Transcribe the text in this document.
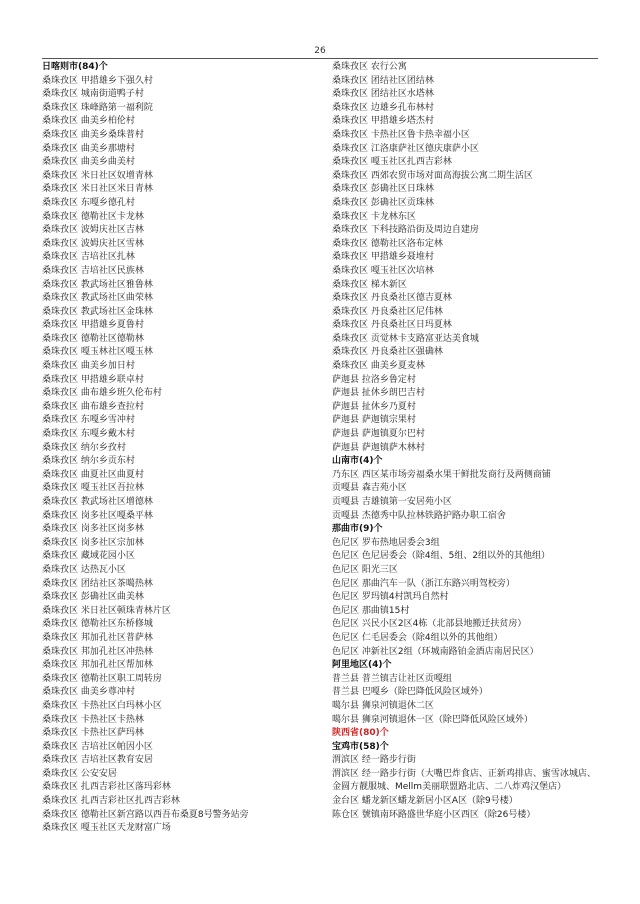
26
日喀则市(84)个
桑珠孜区 甲措雄乡下强久村
桑珠孜区 城南街道鸭子村
桑珠孜区 珠峰路第一福利院
桑珠孜区 曲美乡柏伦村
桑珠孜区 曲美乡桑珠普村
桑珠孜区 曲美乡那塘村
桑珠孜区 曲美乡曲美村
桑珠孜区 米日社区奴增青林
桑珠孜区 米日社区米日青林
桑珠孜区 东嘎乡德孔村
桑珠孜区 德勒社区卡龙林
桑珠孜区 波姆庆社区吉林
桑珠孜区 波姆庆社区雪林
桑珠孜区 吉培社区扎林
桑珠孜区 吉培社区民族林
桑珠孜区 教武场社区雅鲁林
桑珠孜区 教武场社区曲荣林
桑珠孜区 教武场社区金珠林
桑珠孜区 甲措雄乡夏鲁村
桑珠孜区 德勒社区德勒林
桑珠孜区 嘎玉林社区嘎玉林
桑珠孜区 曲美乡加日村
桑珠孜区 甲措雄乡联卓村
桑珠孜区 曲布雄乡班久伦布村
桑珠孜区 曲布雄乡查拉村
桑珠孜区 东嘎乡雪冲村
桑珠孜区 东嘎乡戴木村
桑珠孜区 纳尔乡孜村
桑珠孜区 纳尔乡贡东村
桑珠孜区 曲夏社区曲夏村
桑珠孜区 嘎玉社区吾拉林
桑珠孜区 教武场社区增德林
桑珠孜区 岗多社区嘎桑平林
桑珠孜区 岗多社区岗多林
桑珠孜区 岗多社区宗加林
桑珠孜区 藏域花园小区
桑珠孜区 达热瓦小区
桑珠孜区 团结社区茶噶热林
桑珠孜区 彭确社区曲美林
桑珠孜区 米日社区顿珠青林片区
桑珠孜区 德勒社区东桥修城
桑珠孜区 邦加孔社区普萨林
桑珠孜区 邦加孔社区冲热林
桑珠孜区 邦加孔社区帮加林
桑珠孜区 德勒社区职工周转房
桑珠孜区 曲美乡尊冲村
桑珠孜区 卡热社区白玛林小区
桑珠孜区 卡热社区卡热林
桑珠孜区 卡热社区萨玛林
桑珠孜区 吉培社区帕因小区
桑珠孜区 吉培社区教育安居
桑珠孜区 公安安居
桑珠孜区 扎西吉彩社区落玛彩林
桑珠孜区 扎西吉彩社区扎西吉彩林
桑珠孜区 德勒社区新宫路以西吾布桑夏8号警务站旁
桑珠孜区 嘎玉社区天龙财富广场
桑珠孜区 农行公寓
桑珠孜区 团结社区团结林
桑珠孜区 团结社区水塔林
桑珠孜区 边雄乡孔布林村
桑珠孜区 甲措雄乡塔杰村
桑珠孜区 卡热社区鲁卡热幸福小区
桑珠孜区 江洛康萨社区德庆康萨小区
桑珠孜区 嘎玉社区扎西吉彩林
桑珠孜区 西郊农贸市场对面高海拔公寓二期生活区
桑珠孜区 彭确社区日珠林
桑珠孜区 彭确社区贡珠林
桑珠孜区 卡龙林东区
桑珠孜区 下科技路沿街及周边自建房
桑珠孜区 德勒社区洛布定林
桑珠孜区 甲措雄乡聂堆村
桑珠孜区 嘎玉社区次培林
桑珠孜区 梯木新区
桑珠孜区 丹良桑社区德吉夏林
桑珠孜区 丹良桑社区尼伟林
桑珠孜区 丹良桑社区日玛夏林
桑珠孜区 贡觉林卡支路富亚达美食城
桑珠孜区 丹良桑社区强确林
桑珠孜区 曲美乡夏麦林
萨迦县 拉洛乡鲁定村
萨迦县 扯休乡朗巴吉村
萨迦县 扯休乡乃夏村
萨迦县 萨迦镇宗果村
萨迦县 萨迦镇夏尔巴村
萨迦县 萨迦镇萨木林村
山南市(4)个
乃东区 西区某市场旁福桑水果干鲜批发商行及两侧商铺
贡嘎县 森吉苑小区
贡嘎县 吉雄镇第一安居苑小区
贡嘎县 杰德秀中队拉林铁路护路办职工宿舍
那曲市(9)个
色尼区 罗布热地居委会3组
色尼区 色尼居委会（除4组、5组、2组以外的其他组）
色尼区 阳光三区
色尼区 那曲汽车一队（浙江东路兴明驾校旁）
色尼区 罗玛镇4村凯玛自然村
色尼区 那曲镇15村
色尼区 兴民小区2区4栋（北部县地搬迁扶贫房）
色尼区 仁毛居委会（除4组以外的其他组）
色尼区 冲新社区2组（环城南路铂金酒店南居民区）
阿里地区(4)个
普兰县 普兰镇吉让社区贡嘎组
普兰县 巴嘎乡（除巴降低风险区域外）
噶尔县 狮泉河镇退休二区
噶尔县 狮泉河镇退休一区（除巴降低风险区域外）
陕西省(80)个
宝鸡市(58)个
渭滨区 经一路步行街
渭滨区 经一路步行街（大嘴巴炸食店、正新鸡排店、蜜雪冰城店、金圆方靓服城、Mellm美丽联盟路北店、二八炸鸡汉堡店）
金台区 蟠龙新区蟠龙新居小区A区（除9号楼）
陈仓区 號镇南环路盛世华庭小区西区（除26号楼）
